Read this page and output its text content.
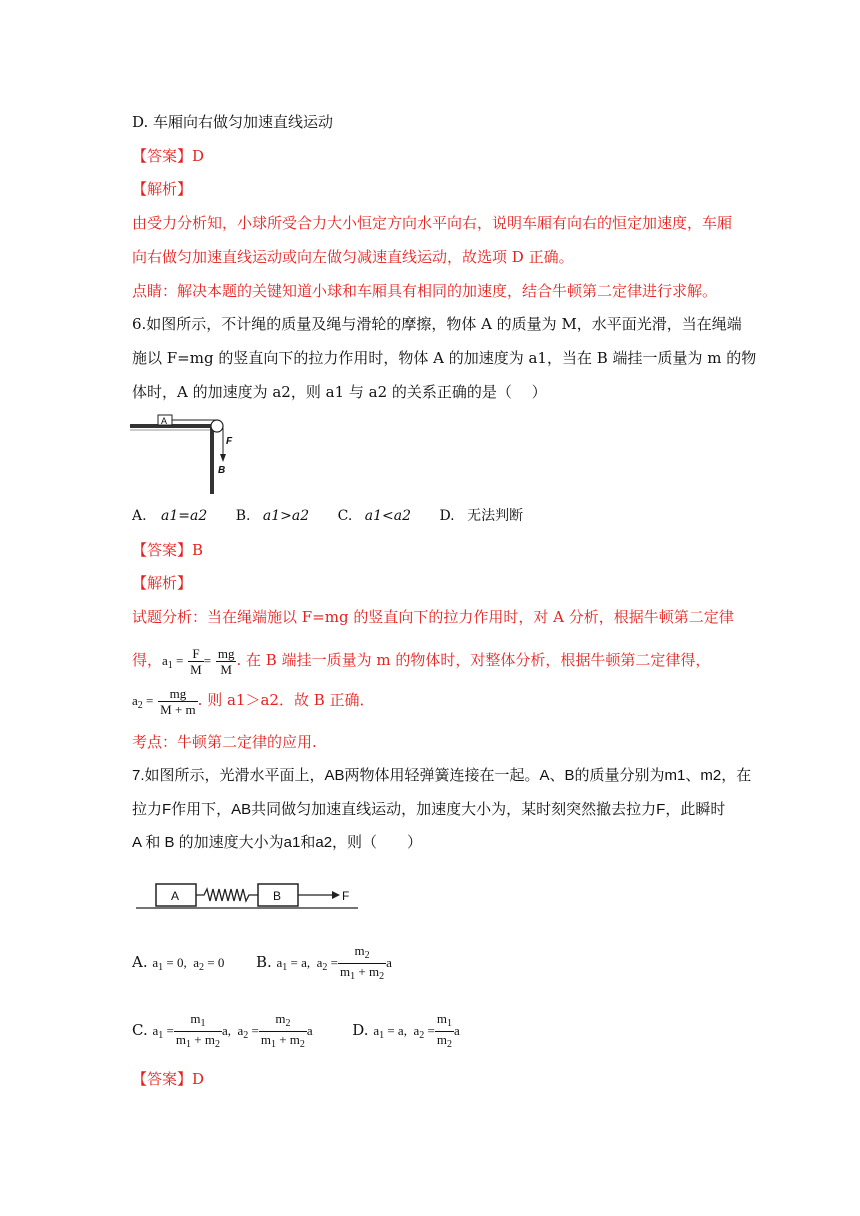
D. 车厢向右做匀加速直线运动
【答案】D
【解析】
由受力分析知，小球所受合力大小恒定方向水平向右，说明车厢有向右的恒定加速度，车厢
向右做匀加速直线运动或向左做匀减速直线运动，故选项 D 正确。
点睛：解决本题的关键知道小球和车厢具有相同的加速度，结合牛顿第二定律进行求解。
6.如图所示，不计绳的质量及绳与滑轮的摩擦，物体 A 的质量为 M，水平面光滑，当在绳端
施以 F=mg 的竖直向下的拉力作用时，物体 A 的加速度为 a1，当在 B 端挂一质量为 m 的物
体时，A 的加速度为 a2，则 a1 与 a2 的关系正确的是（　 ）
A
F
B
A. a1=a2 B. a1>a2 C. a1<a2 D. 无法判断
【答案】B
【解析】
试题分析：当在绳端施以 F=mg 的竖直向下的拉力作用时，对 A 分析，根据牛顿第二定律
得，$a_1 = \frac{F}{M} = \frac{mg}{M}$ . 在 B 端挂一质量为 m 的物体时，对整体分析，根据牛顿第二定律得，
$a_2 = \frac{mg}{M + m}$ . 则 a1＞a2．故 B 正确．
考点：牛顿第二定律的应用.
7.如图所示，光滑水平面上，AB两物体用轻弹簧连接在一起。A、B的质量分别为m1、m2，在
拉力F作用下，AB共同做匀加速直线运动，加速度大小为，某时刻突然撤去拉力F，此瞬时
A 和 B 的加速度大小为a1和a2，则（　　）
A	B	F
A. $a_1 = 0$,  $a_2 = 0$ B. $a_1 = a$,  $a_2 = \frac{m_2}{m_1 + m_2}$ a
C. $a_1 = \frac{m_1}{m_1 + m_2} a$,  $a_2 = \frac{m_2}{m_1 + m_2}$ a	D. $a_1 = a$,  $a_2 = \frac{m_1}{m_2}$ a
【答案】D
